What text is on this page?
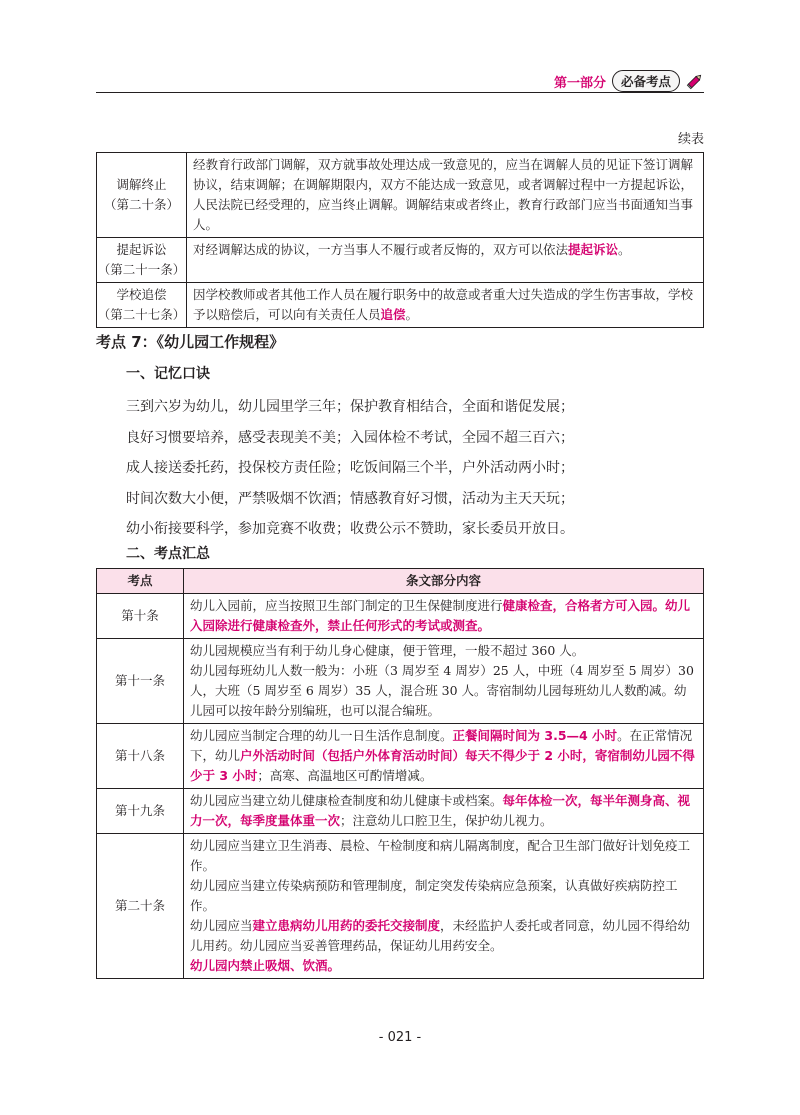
第一部分	必备考点
续表
调解终止
（第二十条）	经教育行政部门调解，双方就事故处理达成一致意见的，应当在调解人员的见证下签订调解协议，结束调解；在调解期限内，双方不能达成一致意见，或者调解过程中一方提起诉讼，人民法院已经受理的，应当终止调解。调解结束或者终止，教育行政部门应当书面通知当事人。

提起诉讼
（第二十一条）	对经调解达成的协议，一方当事人不履行或者反悔的，双方可以依法提起诉讼。

学校追偿
（第二十七条）	因学校教师或者其他工作人员在履行职务中的故意或者重大过失造成的学生伤害事故，学校予以赔偿后，可以向有关责任人员追偿。
考点 7：《幼儿园工作规程》
一、记忆口诀
三到六岁为幼儿，幼儿园里学三年；保护教育相结合，全面和谐促发展；
良好习惯要培养，感受表现美不美；入园体检不考试，全园不超三百六；
成人接送委托药，投保校方责任险；吃饭间隔三个半，户外活动两小时；
时间次数大小便，严禁吸烟不饮酒；情感教育好习惯，活动为主天天玩；
幼小衔接要科学，参加竞赛不收费；收费公示不赞助，家长委员开放日。
二、考点汇总
考点	条文部分内容
第十条	幼儿入园前，应当按照卫生部门制定的卫生保健制度进行健康检查，合格者方可入园。幼儿入园除进行健康检查外，禁止任何形式的考试或测查。

第十一条	幼儿园规模应当有利于幼儿身心健康，便于管理，一般不超过 360 人。
幼儿园每班幼儿人数一般为：小班（3 周岁至 4 周岁）25 人，中班（4 周岁至 5 周岁）30 人，大班（5 周岁至 6 周岁）35 人，混合班 30 人。寄宿制幼儿园每班幼儿人数酌减。幼儿园可以按年龄分别编班，也可以混合编班。

第十八条	幼儿园应当制定合理的幼儿一日生活作息制度。正餐间隔时间为 3.5—4 小时。在正常情况下，幼儿户外活动时间（包括户外体育活动时间）每天不得少于 2 小时，寄宿制幼儿园不得少于 3 小时；高寒、高温地区可酌情增减。

第十九条	幼儿园应当建立幼儿健康检查制度和幼儿健康卡或档案。每年体检一次，每半年测身高、视力一次，每季度量体重一次；注意幼儿口腔卫生，保护幼儿视力。

第二十条	幼儿园应当建立卫生消毒、晨检、午检制度和病儿隔离制度，配合卫生部门做好计划免疫工作。
幼儿园应当建立传染病预防和管理制度，制定突发传染病应急预案，认真做好疾病防控工作。
幼儿园应当建立患病幼儿用药的委托交接制度，未经监护人委托或者同意，幼儿园不得给幼儿用药。幼儿园应当妥善管理药品，保证幼儿用药安全。
幼儿园内禁止吸烟、饮酒。
- 021 -
